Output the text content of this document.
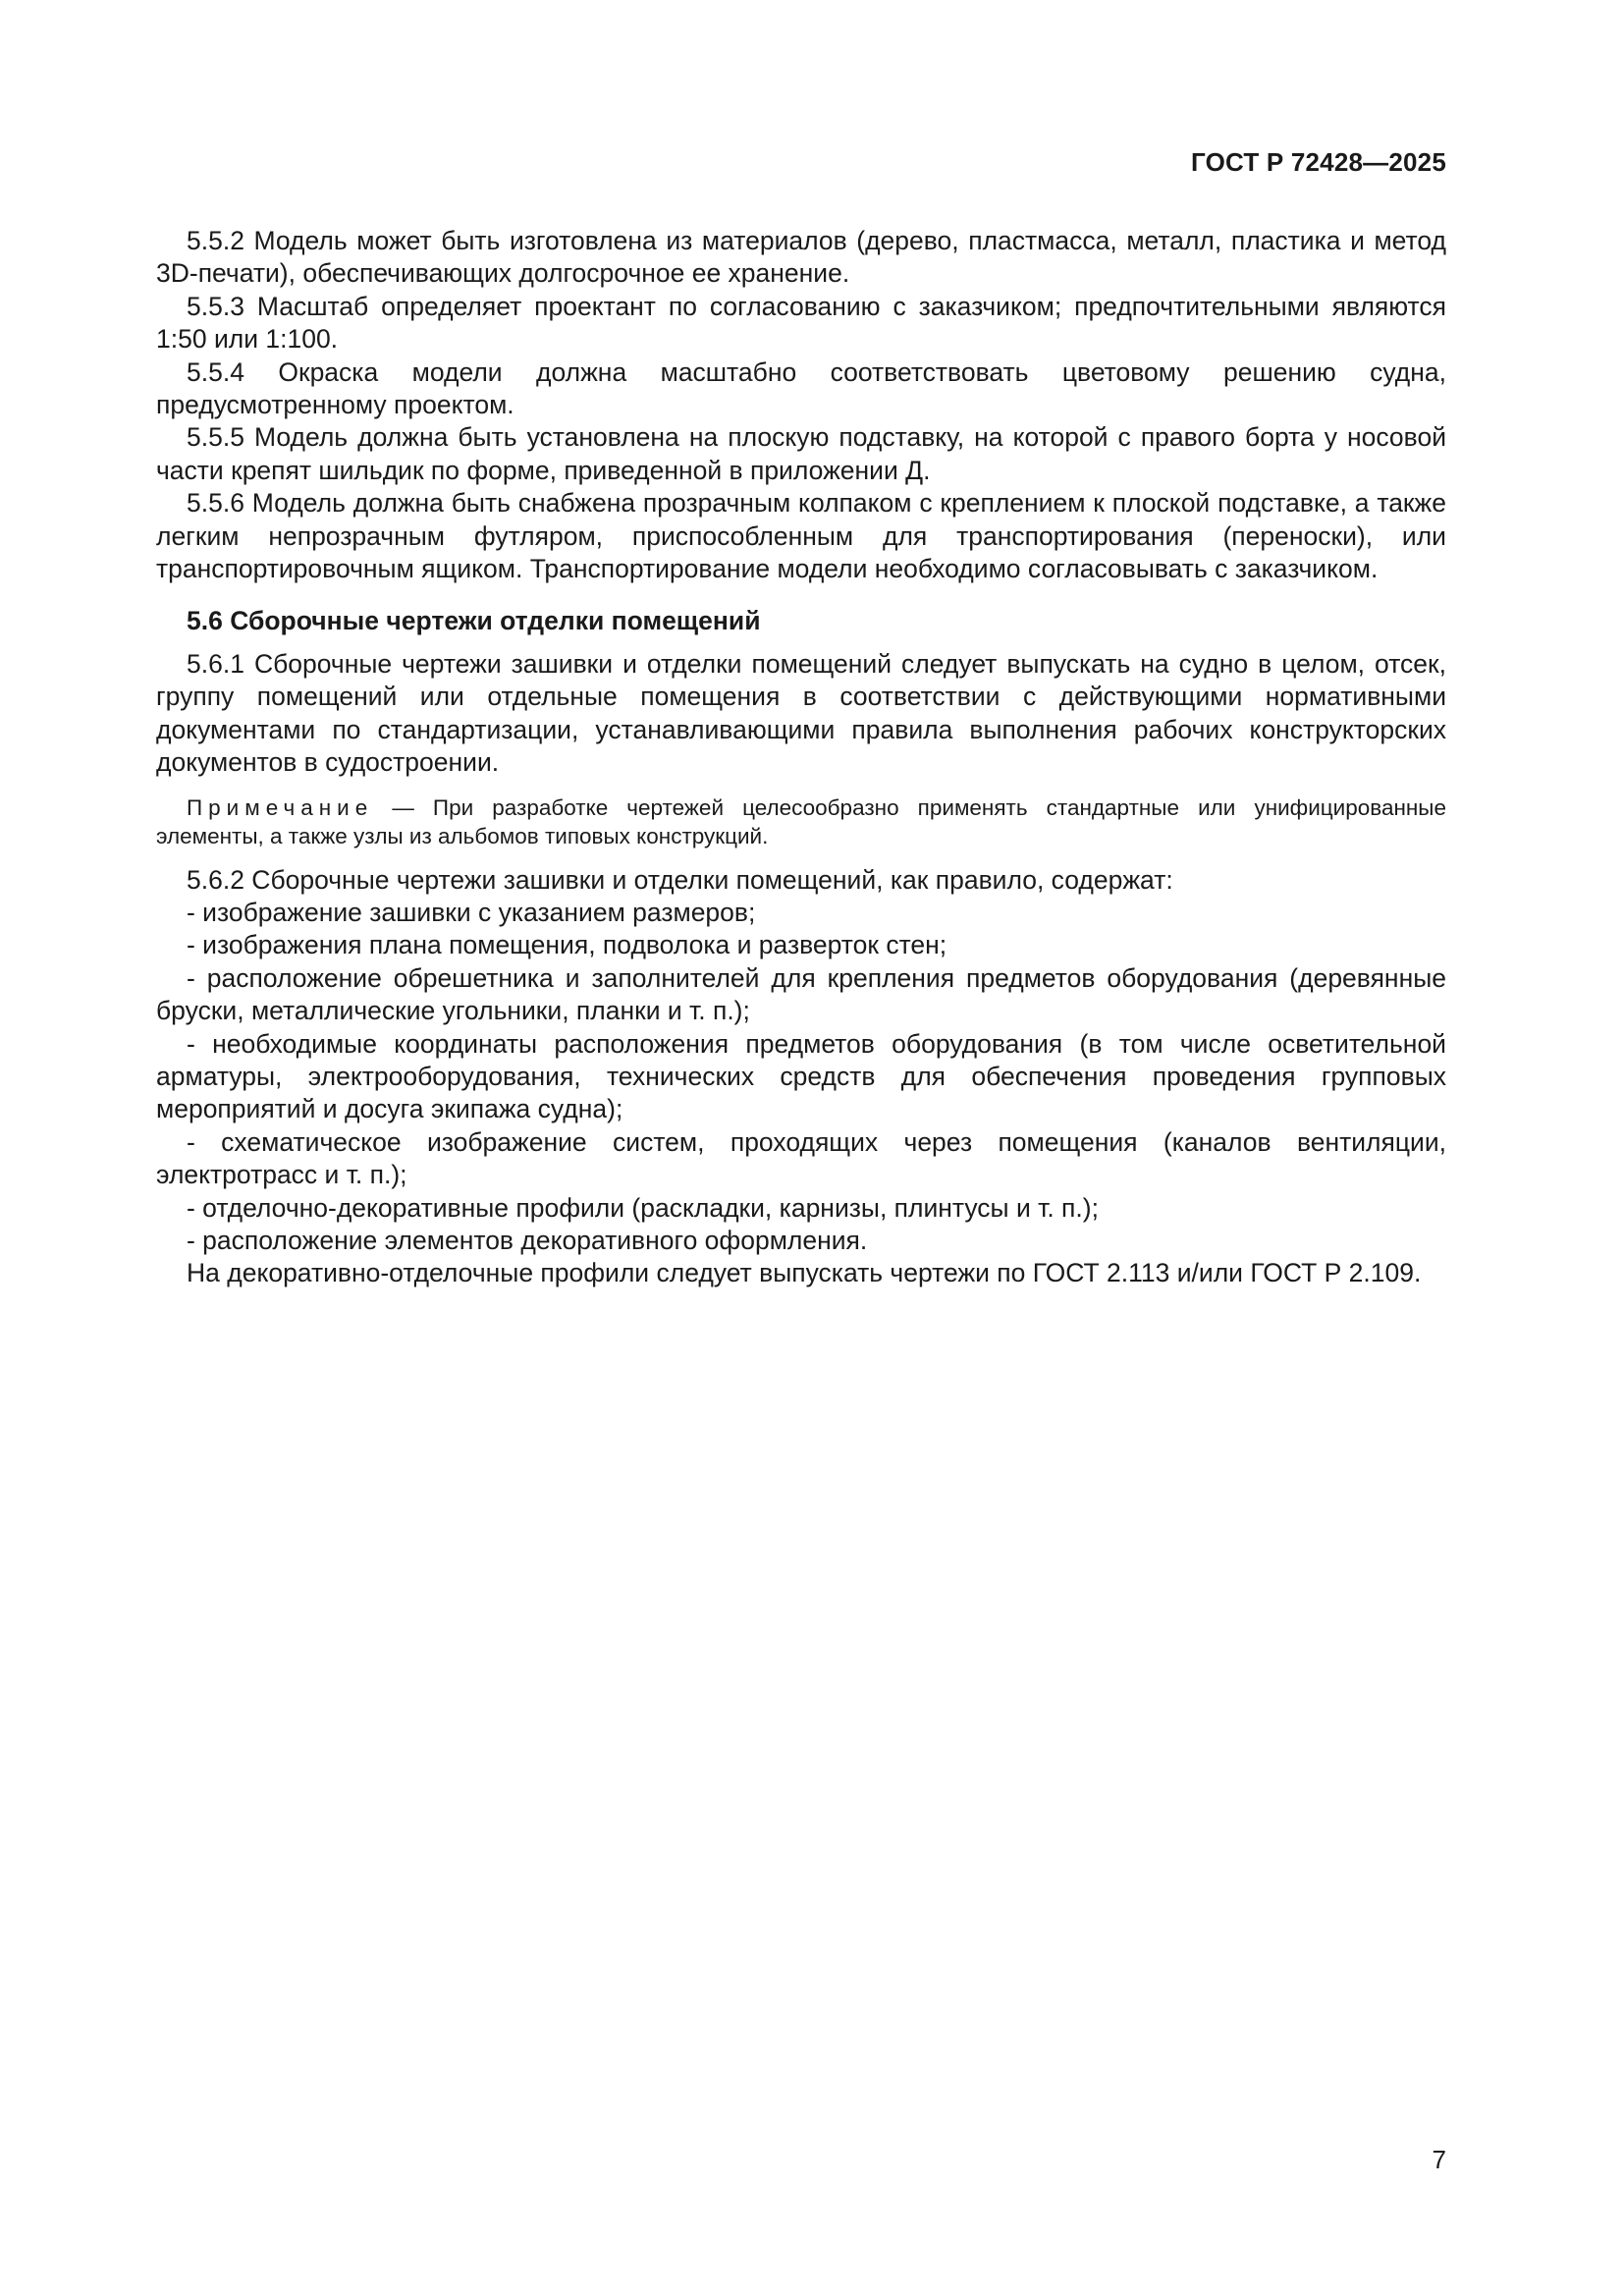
ГОСТ Р 72428—2025

5.5.2 Модель может быть изготовлена из материалов (дерево, пластмасса, металл, пластика и метод 3D-печати), обеспечивающих долгосрочное ее хранение.

5.5.3 Масштаб определяет проектант по согласованию с заказчиком; предпочтительными являются 1:50 или 1:100.

5.5.4 Окраска модели должна масштабно соответствовать цветовому решению судна, предусмотренному проектом.

5.5.5 Модель должна быть установлена на плоскую подставку, на которой с правого борта у носовой части крепят шильдик по форме, приведенной в приложении Д.

5.5.6 Модель должна быть снабжена прозрачным колпаком с креплением к плоской подставке, а также легким непрозрачным футляром, приспособленным для транспортирования (переноски), или транспортировочным ящиком. Транспортирование модели необходимо согласовывать с заказчиком.

5.6 Сборочные чертежи отделки помещений

5.6.1 Сборочные чертежи зашивки и отделки помещений следует выпускать на судно в целом, отсек, группу помещений или отдельные помещения в соответствии с действующими нормативными документами по стандартизации, устанавливающими правила выполнения рабочих конструкторских документов в судостроении.

Примечание — При разработке чертежей целесообразно применять стандартные или унифицированные элементы, а также узлы из альбомов типовых конструкций.

5.6.2 Сборочные чертежи зашивки и отделки помещений, как правило, содержат:

- изображение зашивки с указанием размеров;

- изображения плана помещения, подволока и разверток стен;

- расположение обрешетника и заполнителей для крепления предметов оборудования (деревянные бруски, металлические угольники, планки и т. п.);

- необходимые координаты расположения предметов оборудования (в том числе осветительной арматуры, электрооборудования, технических средств для обеспечения проведения групповых мероприятий и досуга экипажа судна);

- схематическое изображение систем, проходящих через помещения (каналов вентиляции, электротрасс и т. п.);

- отделочно-декоративные профили (раскладки, карнизы, плинтусы и т. п.);

- расположение элементов декоративного оформления.

На декоративно-отделочные профили следует выпускать чертежи по ГОСТ 2.113 и/или ГОСТ Р 2.109.

7
